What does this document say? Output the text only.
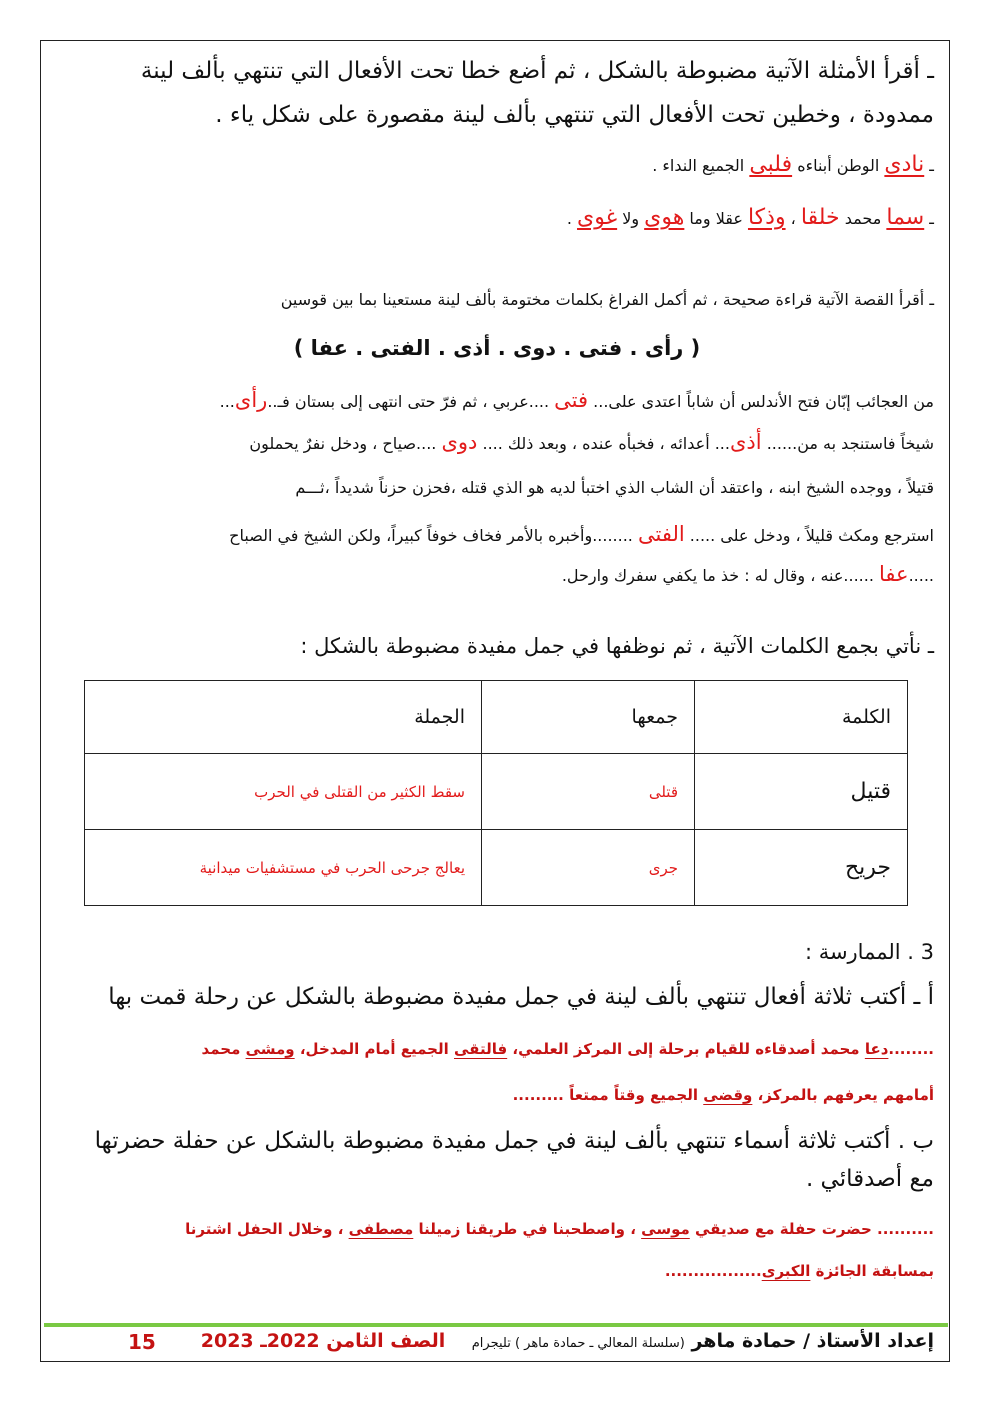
ـ أقرأ الأمثلة الآتية مضبوطة بالشكل ، ثم أضع خطا تحت الأفعال التي تنتهي بألف لينة
ممدودة ، وخطين تحت الأفعال التي تنتهي بألف لينة مقصورة على شكل ياء .
ـ نادى الوطن أبناءه فلبى الجميع النداء .
ـ سما محمد خلقا ، وذكا عقلا وما هوى ولا غوى .
ـ أقرأ القصة الآتية قراءة صحيحة ، ثم أكمل الفراغ بكلمات مختومة بألف لينة مستعينا بما بين قوسين
( رأى . فتى . دوى . أذى . الفتى . عفا )
من العجائب إبّان فتح الأندلس أن شاباً اعتدى على... فتى ....عربي ، ثم فرّ حتى انتهى إلى بستان فـ..رأى...
شيخاً فاستنجد به من...... أذى... أعدائه ، فخبأه عنده ، وبعد ذلك .... دوى ....صياح ، ودخل نفرٌ يحملون
قتيلاً ، ووجده الشيخ ابنه ، واعتقد أن الشاب الذي اختبأ لديه هو الذي قتله ،فحزن حزناً شديداً ،ثـــم
استرجع ومكث قليلاً ، ودخل على ..... الفتى ........وأخبره بالأمر فخاف خوفاً كبيراً، ولكن الشيخ في الصباح
.....عفا ......عنه ، وقال له : خذ ما يكفي سفرك وارحل.
ـ نأتي بجمع الكلمات الآتية ، ثم نوظفها في جمل مفيدة مضبوطة بالشكل :
الكلمة	جمعها	الجملة
قتيل	قتلى	سقط الكثير من القتلى في الحرب
جريح	جرى	يعالج جرحى الحرب في مستشفيات ميدانية
3 . الممارسة :
أ ـ أكتب ثلاثة أفعال تنتهي بألف لينة في جمل مفيدة مضبوطة بالشكل عن رحلة قمت بها
........دعا محمد أصدقاءه للقيام برحلة إلى المركز العلمي، فالتقى الجميع أمام المدخل، ومشى محمد
أمامهم يعرفهم بالمركز، وقضى الجميع وقتاً ممتعاً .........
ب . أكتب ثلاثة أسماء تنتهي بألف لينة في جمل مفيدة مضبوطة بالشكل عن حفلة حضرتها
مع أصدقائي .
.......... حضرت حفلة مع صديقي موسى ، واصطحبنا في طريقنا زميلنا مصطفى ، وخلال الحفل اشترنا
بمسابقة الجائزة الكبرى.................
إعداد الأستاذ / حمادة ماهر (سلسلة المعالي ـ حمادة ماهر ) تليجرام    الصف الثامن 2022ـ 2023
15
